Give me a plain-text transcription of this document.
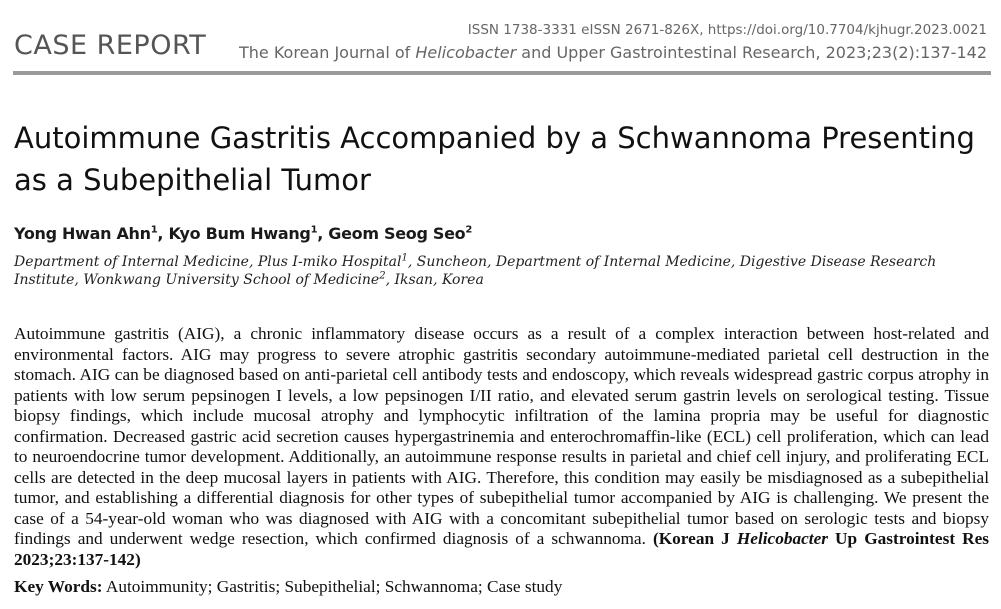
CASE REPORT	ISSN 1738-3331 eISSN 2671-826X, https://doi.org/10.7704/kjhugr.2023.0021
The Korean Journal of Helicobacter and Upper Gastrointestinal Research, 2023;23(2):137-142
Autoimmune Gastritis Accompanied by a Schwannoma Presenting as a Subepithelial Tumor
Yong Hwan Ahn$^1$, Kyo Bum Hwang$^1$, Geom Seog Seo$^2$
Department of Internal Medicine, Plus I-miko Hospital$^1$, Suncheon, Department of Internal Medicine, Digestive Disease Research Institute, Wonkwang University School of Medicine$^2$, Iksan, Korea

Autoimmune gastritis (AIG), a chronic inflammatory disease occurs as a result of a complex interaction between host-related and environmental factors. AIG may progress to severe atrophic gastritis secondary autoimmune-mediated parietal cell destruction in the stomach. AIG can be diagnosed based on anti-parietal cell antibody tests and endoscopy, which reveals widespread gastric corpus atrophy in patients with low serum pepsinogen I levels, a low pepsinogen I/II ratio, and elevated serum gastrin levels on serological testing. Tissue biopsy findings, which include mucosal atrophy and lymphocytic infiltration of the lamina propria may be useful for diagnostic confirmation. Decreased gastric acid secretion causes hypergastrinemia and enterochromaffin-like (ECL) cell proliferation, which can lead to neuroendocrine tumor development. Additionally, an autoimmune response results in parietal and chief cell injury, and proliferating ECL cells are detected in the deep mucosal layers in patients with AIG. Therefore, this condition may easily be misdiagnosed as a subepithelial tumor, and establishing a differential diagnosis for other types of subepithelial tumor accompanied by AIG is challenging. We present the case of a 54-year-old woman who was diagnosed with AIG with a concomitant subepithelial tumor based on serologic tests and biopsy findings and underwent wedge resection, which confirmed diagnosis of a schwannoma. (Korean J Helicobacter Up Gastrointest Res 2023;23:137-142)

Key Words: Autoimmunity; Gastritis; Subepithelial; Schwannoma; Case study
